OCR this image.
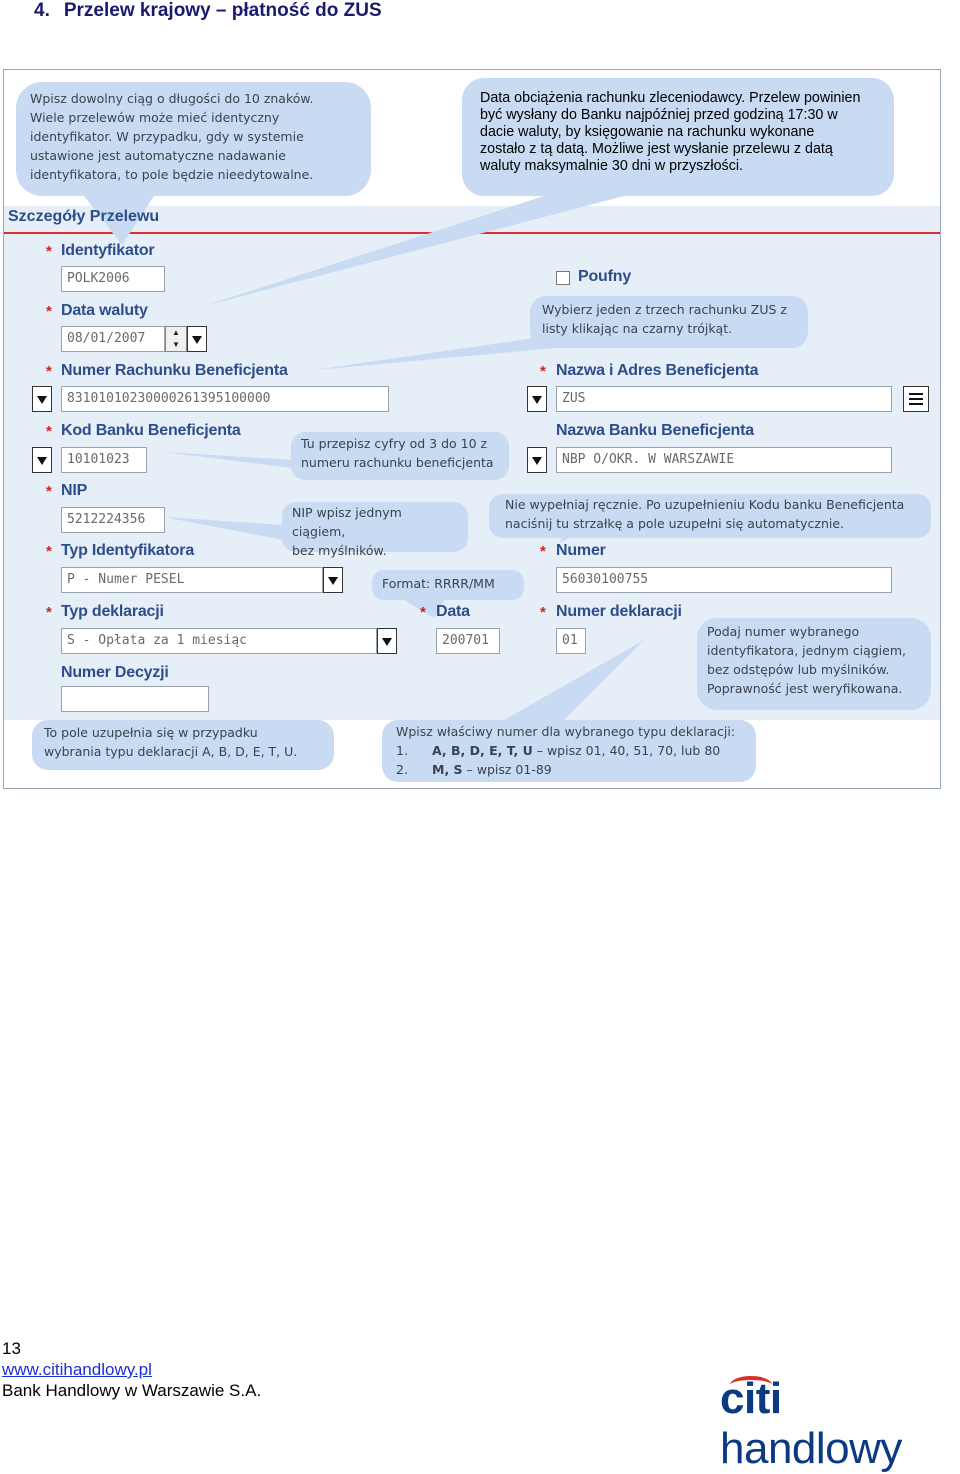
4. Przelew krajowy – płatność do ZUS
Szczegóły Przelewu
Wpisz dowolny ciąg o długości do 10 znaków.
Wiele przelewów może mieć identyczny
identyfikator. W przypadku, gdy w systemie
ustawione jest automatyczne nadawanie
identyfikatora, to pole będzie nieedytowalne.
Data obciążenia rachunku zleceniodawcy. Przelew powinien
być wysłany do Banku najpóźniej przed godziną 17:30 w
dacie waluty, by księgowanie na rachunku wykonane
zostało z tą datą. Możliwe jest wysłanie przelewu z datą
waluty maksymalnie 30 dni w przyszłości.
Wybierz jeden z trzech rachunku ZUS z
listy klikając na czarny trójkąt.
Tu przepisz cyfry od 3 do 10 z
numeru rachunku beneficjenta
NIP wpisz jednym ciągiem,
bez myślników.
Nie wypełniaj ręcznie. Po uzupełnieniu Kodu banku Beneficjenta
naciśnij tu strzałkę a pole uzupełni się automatycznie.
Format: RRRR/MM
Podaj numer wybranego
identyfikatora, jednym ciągiem,
bez odstępów lub myślników.
Poprawność jest weryfikowana.
To pole uzupełnia się w przypadku
wybrania typu deklaracji A, B, D, E, T, U.
Wpisz właściwy numer dla wybranego typu deklaracji:
1. A, B, D, E, T, U – wpisz 01, 40, 51, 70, lub 80
2. M, S – wpisz 01-89
* Identyfikator
POLK2006
* Data waluty
08/01/2007	▲
▼
Poufny
* Numer Rachunku Beneficjenta
83101010230000261395100000
* Nazwa i Adres Beneficjenta
ZUS
* Kod Banku Beneficjenta
10101023
Nazwa Banku Beneficjenta
NBP O/OKR. W WARSZAWIE
* NIP
5212224356
* Typ Identyfikatora
P - Numer PESEL
* Numer
56030100755
* Typ deklaracji
S - Opłata za 1 miesiąc
* Data
200701
* Numer deklaracji
01
Numer Decyzji
13
www.citihandlowy.pl
Bank Handlowy w Warszawie S.A.	citi handlowy
